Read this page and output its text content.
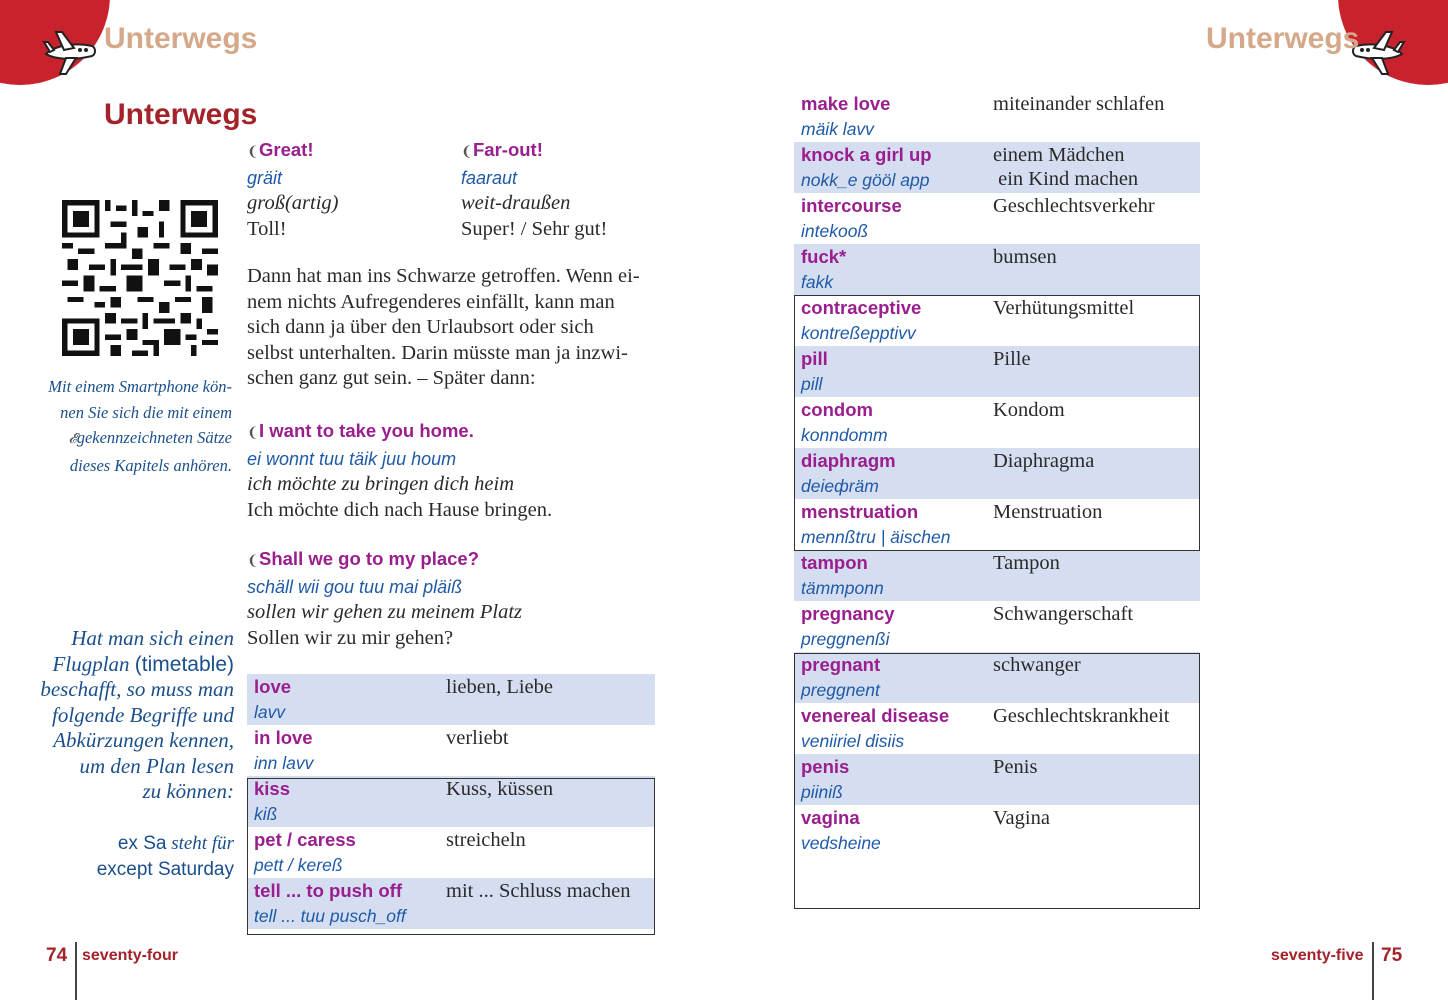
Unterwegs	Unterwegs
Unterwegs
Mit einem Smartphone kön-
nen Sie sich die mit einem
𝓔gekennzeichneten Sätze
dieses Kapitels anhören.
Hat man sich einen
Flugplan (timetable)
beschafft, so muss man
folgende Begriffe und
Abkürzungen kennen,
um den Plan lesen
zu können:
ex Sa steht für
except Saturday
❨Great!
gräit
groß(artig)
Toll!
❨Far-out!
faaraut
weit-draußen
Super! / Sehr gut!
Dann hat man ins Schwarze getroffen. Wenn ei-
nem nichts Aufregenderes einfällt, kann man
sich dann ja über den Urlaubsort oder sich
selbst unterhalten. Darin müsste man ja inzwi-
schen ganz gut sein. – Später dann:
❨I want to take you home.
ei wonnt tuu täik juu houm
ich möchte zu bringen dich heim
Ich möchte dich nach Hause bringen.
❨Shall we go to my place?
schäll wii gou tuu mai pläiß
sollen wir gehen zu meinem Platz
Sollen wir zu mir gehen?
love
lavv
lieben, Liebe
in love
inn lavv
verliebt
kiss
kiß
Kuss, küssen
pet / caress
pett / kereß
streicheln
tell ... to push off
tell ... tuu pusch_off
mit ... Schluss machen
make love
mäik lavv
miteinander schlafen
knock a girl up
nokk_e gööl app
einem Mädchen
ein Kind machen
intercourse
intekooß
Geschlechtsverkehr
fuck*
fakk
bumsen
contraceptive
kontreßepptivv
Verhütungsmittel
pill
pill
Pille
condom
konndomm
Kondom
diaphragm
deieфräm
Diaphragma
menstruation
mennßtru | äischen
Menstruation
tampon
tämmponn
Tampon
pregnancy
preggnenßi
Schwangerschaft
pregnant
preggnent
schwanger
venereal disease
veniiriel disiis
Geschlechtskrankheit
penis
piiniß
Penis
vagina
vedsheine
Vagina
74 seventy-four	seventy-five 75
